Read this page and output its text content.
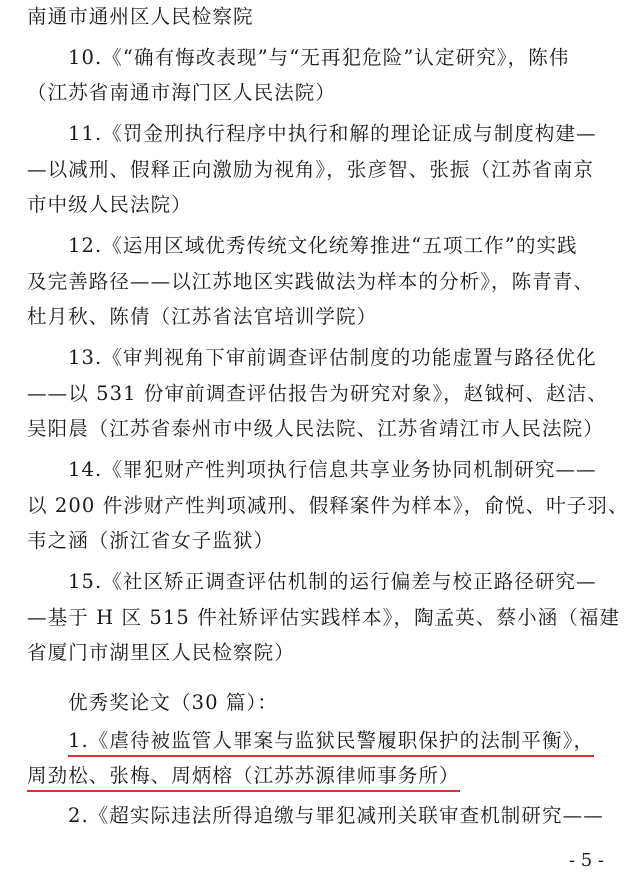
南通市通州区人民检察院
10.《“确有悔改表现”与“无再犯危险”认定研究》，陈伟
（江苏省南通市海门区人民法院）
11.《罚金刑执行程序中执行和解的理论证成与制度构建—
—以减刑、假释正向激励为视角》，张彦智、张振（江苏省南京
市中级人民法院）
12.《运用区域优秀传统文化统筹推进“五项工作”的实践
及完善路径——以江苏地区实践做法为样本的分析》，陈青青、
杜月秋、陈倩（江苏省法官培训学院）
13.《审判视角下审前调查评估制度的功能虚置与路径优化
——以 531 份审前调查评估报告为研究对象》，赵钺柯、赵洁、
吴阳晨（江苏省泰州市中级人民法院、江苏省靖江市人民法院）
14.《罪犯财产性判项执行信息共享业务协同机制研究——
以 200 件涉财产性判项减刑、假释案件为样本》，俞悦、叶子羽、
韦之涵（浙江省女子监狱）
15.《社区矫正调查评估机制的运行偏差与校正路径研究—
—基于 H 区 515 件社矫评估实践样本》，陶孟英、蔡小涵（福建
省厦门市湖里区人民检察院）
优秀奖论文（30 篇）：
1.《虐待被监管人罪案与监狱民警履职保护的法制平衡》，
周劲松、张梅、周炳榕（江苏苏源律师事务所）
2.《超实际违法所得追缴与罪犯减刑关联审查机制研究——
- 5 -
